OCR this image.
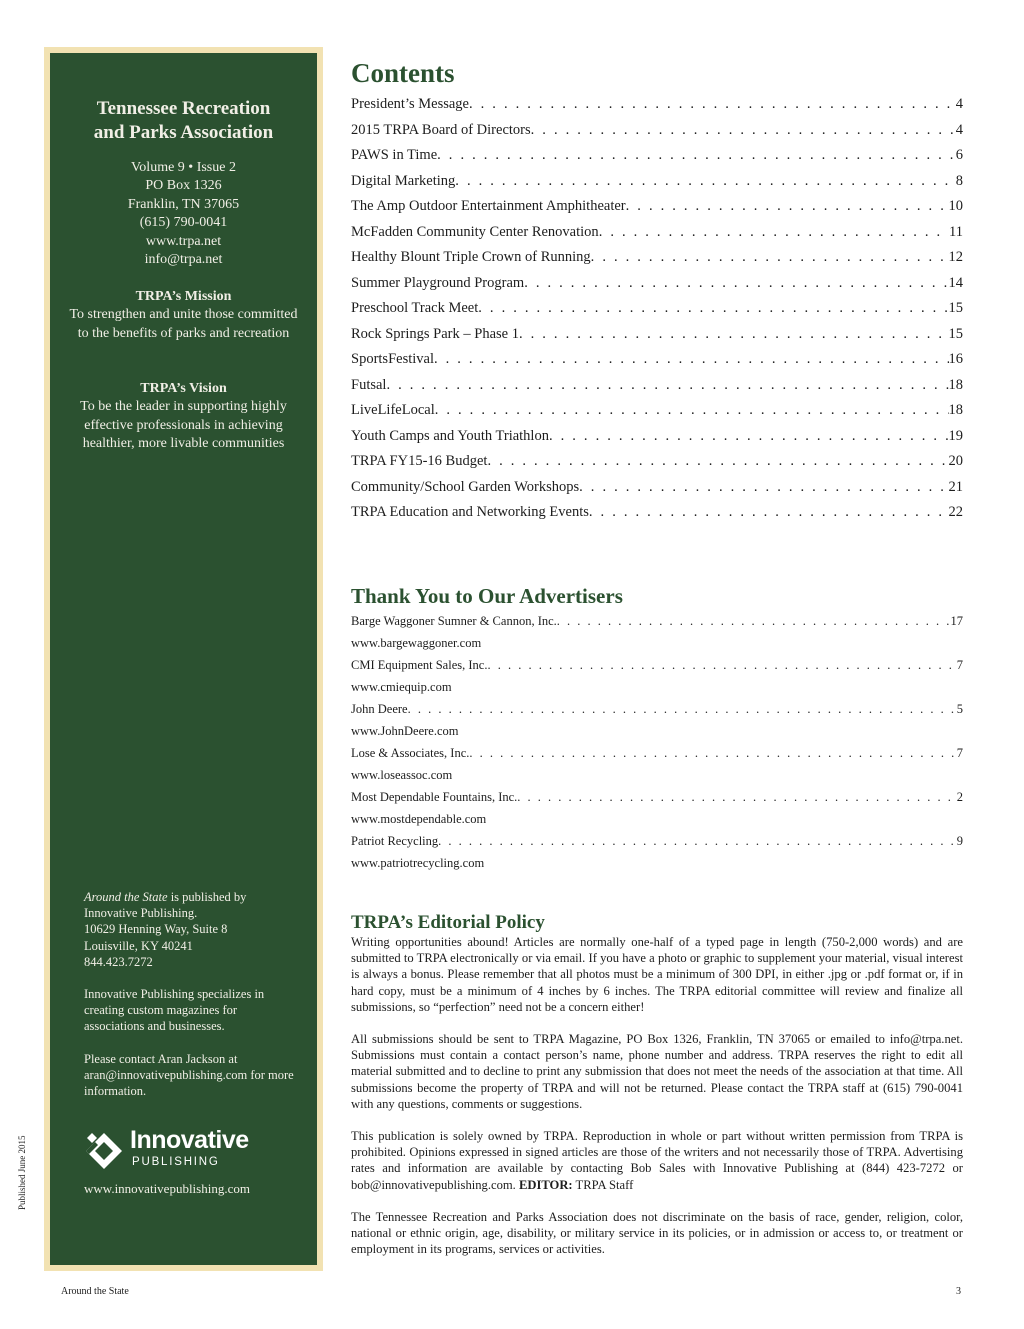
Tennessee Recreation
and Parks Association
Volume 9 • Issue 2
PO Box 1326
Franklin, TN 37065
(615) 790-0041
www.trpa.net
info@trpa.net
TRPA’s Mission
To strengthen and unite those committed to the benefits of parks and recreation
TRPA’s Vision
To be the leader in supporting highly effective professionals in achieving healthier, more livable communities

Around the State is published by Innovative Publishing.
10629 Henning Way, Suite 8
Louisville, KY 40241
844.423.7272

Innovative Publishing specializes in creating custom magazines for associations and businesses.

Please contact Aran Jackson at aran@innovativepublishing.com for more information.

Innovative
PUBLISHING
www.innovativepublishing.com
Published June 2015
Contents
President’s Message . . .	4
2015 TRPA Board of Directors . . .	4
PAWS in Time . . .	6
Digital Marketing . . .	8
The Amp Outdoor Entertainment Amphitheater . . .	10
McFadden Community Center Renovation . . .	11
Healthy Blount Triple Crown of Running . . .	12
Summer Playground Program . . .	14
Preschool Track Meet . . .	15
Rock Springs Park – Phase 1 . . .	15
SportsFestival . . .	16
Futsal . . .	18
LiveLifeLocal . . .	18
Youth Camps and Youth Triathlon . . .	19
TRPA FY15-16 Budget . . .	20
Community/School Garden Workshops . . .	21
TRPA Education and Networking Events . . .	22
Thank You to Our Advertisers
Barge Waggoner Sumner & Cannon, Inc. . . .	17
www.bargewaggoner.com
CMI Equipment Sales, Inc. . . .	7
www.cmiequip.com
John Deere . . .	5
www.JohnDeere.com
Lose & Associates, Inc. . . .	7
www.loseassoc.com
Most Dependable Fountains, Inc. . . .	2
www.mostdependable.com
Patriot Recycling . . .	9
www.patriotrecycling.com
TRPA’s Editorial Policy

Writing opportunities abound! Articles are normally one-half of a typed page in length (750-2,000 words) and are submitted to TRPA electronically or via email. If you have a photo or graphic to supplement your material, visual interest is always a bonus. Please remember that all photos must be a minimum of 300 DPI, in either .jpg or .pdf format or, if in hard copy, must be a minimum of 4 inches by 6 inches. The TRPA editorial committee will review and finalize all submissions, so “perfection” need not be a concern either!

All submissions should be sent to TRPA Magazine, PO Box 1326, Franklin, TN 37065 or emailed to info@trpa.net. Submissions must contain a contact person’s name, phone number and address. TRPA reserves the right to edit all material submitted and to decline to print any submission that does not meet the needs of the association at that time. All submissions become the property of TRPA and will not be returned. Please contact the TRPA staff at (615) 790-0041 with any questions, comments or suggestions.

This publication is solely owned by TRPA. Reproduction in whole or part without written permission from TRPA is prohibited. Opinions expressed in signed articles are those of the writers and not necessarily those of TRPA. Advertising rates and information are available by contacting Bob Sales with Innovative Publishing at (844) 423-7272 or bob@innovativepublishing.com. EDITOR: TRPA Staff

The Tennessee Recreation and Parks Association does not discriminate on the basis of race, gender, religion, color, national or ethnic origin, age, disability, or military service in its policies, or in admission or access to, or treatment or employment in its programs, services or activities.

Around the State	3
